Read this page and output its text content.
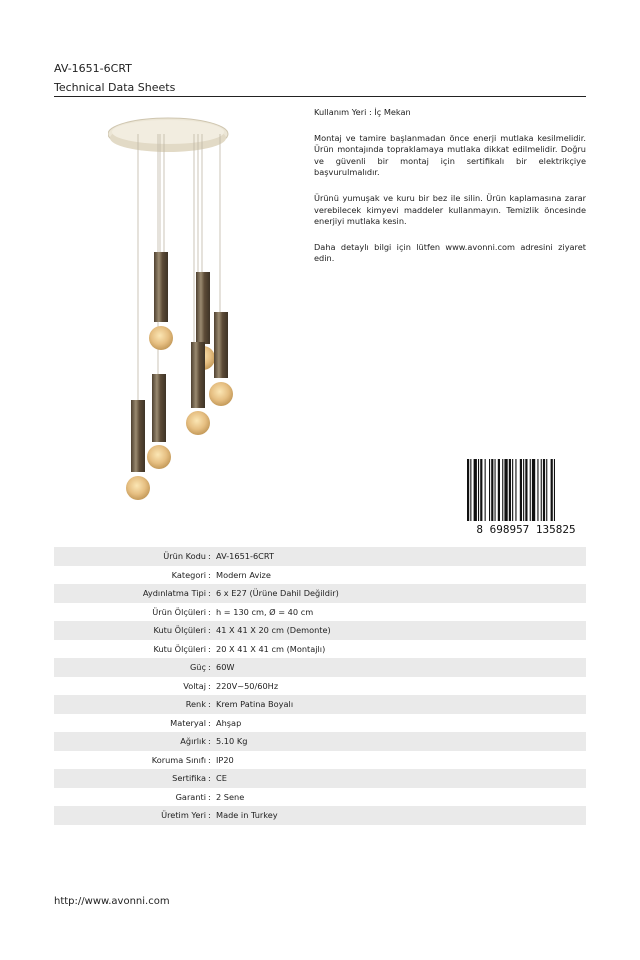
AV-1651-6CRT
Technical Data Sheets

Kullanım Yeri : İç Mekan

Montaj ve tamire başlanmadan önce enerji mutlaka kesilmelidir. Ürün montajında topraklamaya mutlaka dikkat edilmelidir. Doğru ve güvenli bir montaj için sertifikalı bir elektrikçiye başvurulmalıdır.

Ürünü yumuşak ve kuru bir bez ile silin. Ürün kaplamasına zarar verebilecek kimyevi maddeler kullanmayın. Temizlik öncesinde enerjiyi mutlaka kesin.

Daha detaylı bilgi için lütfen www.avonni.com adresini ziyaret edin.

8 698957 135825
Ürün Kodu : AV-1651-6CRT
Kategori : Modern Avize
Aydınlatma Tipi : 6 x E27 (Ürüne Dahil Değildir)
Ürün Ölçüleri : h = 130 cm, Ø = 40 cm
Kutu Ölçüleri : 41 X 41 X 20 cm (Demonte)
Kutu Ölçüleri : 20 X 41 X 41 cm (Montajlı)
Güç : 60W
Voltaj : 220V~50/60Hz
Renk : Krem Patina Boyalı
Materyal : Ahşap
Ağırlık : 5.10 Kg
Koruma Sınıfı : IP20
Sertifika : CE
Garanti : 2 Sene
Üretim Yeri : Made in Turkey
http://www.avonni.com
